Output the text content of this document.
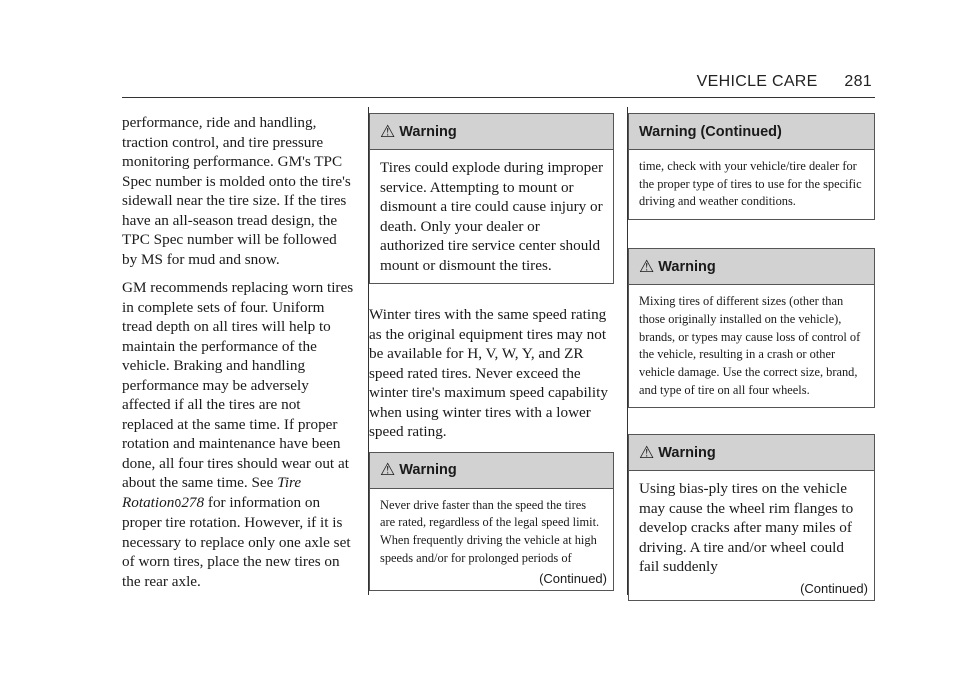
VEHICLE CARE 281

performance, ride and handling, traction control, and tire pressure monitoring performance. GM's TPC Spec number is molded onto the tire's sidewall near the tire size. If the tires have an all-season tread design, the TPC Spec number will be followed by MS for mud and snow.

GM recommends replacing worn tires in complete sets of four. Uniform tread depth on all tires will help to maintain the performance of the vehicle. Braking and handling performance may be adversely affected if all the tires are not replaced at the same time. If proper rotation and maintenance have been done, all four tires should wear out at about the same time. See Tire Rotation0278 for information on proper tire rotation. However, if it is necessary to replace only one axle set of worn tires, place the new tires on the rear axle.

⚠ Warning
Tires could explode during improper service. Attempting to mount or dismount a tire could cause injury or death. Only your dealer or authorized tire service center should mount or dismount the tires.

Winter tires with the same speed rating as the original equipment tires may not be available for H, V, W, Y, and ZR speed rated tires. Never exceed the winter tire's maximum speed capability when using winter tires with a lower speed rating.

⚠ Warning
Never drive faster than the speed the tires are rated, regardless of the legal speed limit. When frequently driving the vehicle at high speeds and/or for prolonged periods of
(Continued)
Warning (Continued)
time, check with your vehicle/tire dealer for the proper type of tires to use for the specific driving and weather conditions.
⚠ Warning
Mixing tires of different sizes (other than those originally installed on the vehicle), brands, or types may cause loss of control of the vehicle, resulting in a crash or other vehicle damage. Use the correct size, brand, and type of tire on all four wheels.
⚠ Warning
Using bias-ply tires on the vehicle may cause the wheel rim flanges to develop cracks after many miles of driving. A tire and/or wheel could fail suddenly
(Continued)
